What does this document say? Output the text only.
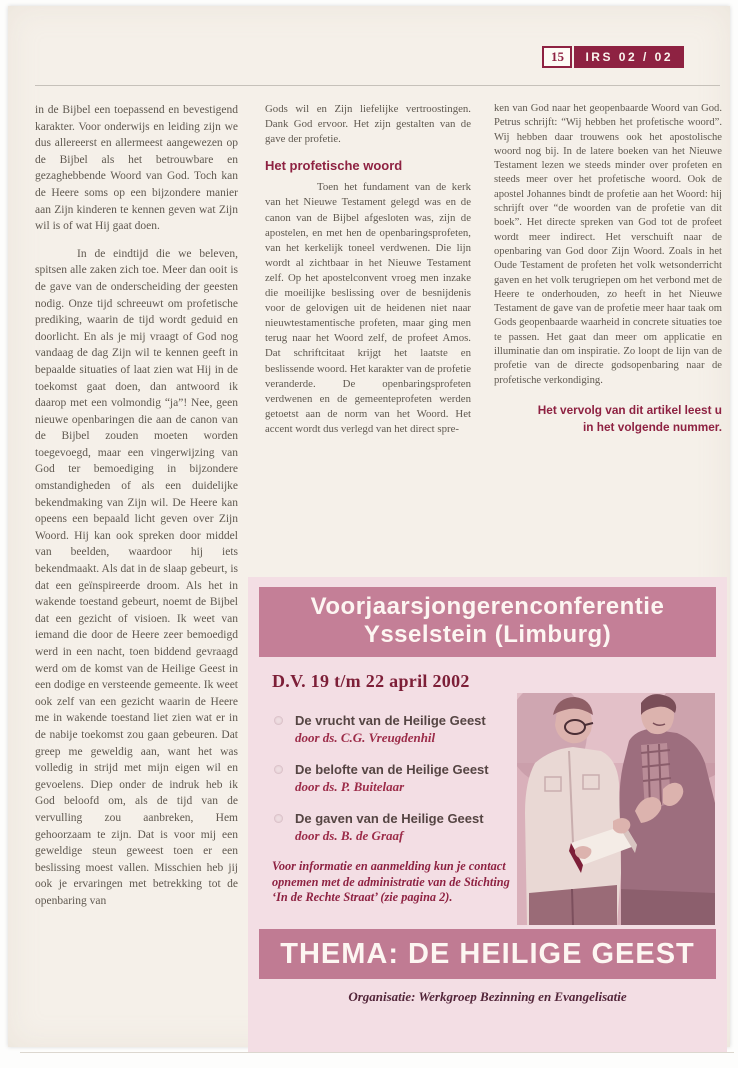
15	IRS 02 / 02

in de Bijbel een toepassend en bevestigend karakter. Voor onderwijs en leiding zijn we dus allereerst en allermeest aangewezen op de Bijbel als het betrouwbare en gezaghebbende Woord van God. Toch kan de Heere soms op een bijzondere manier aan Zijn kinderen te kennen geven wat Zijn wil is of wat Hij gaat doen.

In de eindtijd die we beleven, spitsen alle zaken zich toe. Meer dan ooit is de gave van de onderscheiding der geesten nodig. Onze tijd schreeuwt om profetische prediking, waarin de tijd wordt geduid en doorlicht. En als je mij vraagt of God nog vandaag de dag Zijn wil te kennen geeft in bepaalde situaties of laat zien wat Hij in de toekomst gaat doen, dan antwoord ik daarop met een volmondig “ja”! Nee, geen nieuwe openbaringen die aan de canon van de Bijbel zouden moeten worden toegevoegd, maar een vingerwijzing van God ter bemoediging in bijzondere omstandigheden of als een duidelijke bekendmaking van Zijn wil. De Heere kan opeens een bepaald licht geven over Zijn Woord. Hij kan ook spreken door middel van beelden, waardoor hij iets bekendmaakt. Als dat in de slaap gebeurt, is dat een geïnspireerde droom. Als het in wakende toestand gebeurt, noemt de Bijbel dat een gezicht of visioen. Ik weet van iemand die door de Heere zeer bemoedigd werd in een nacht, toen biddend gevraagd werd om de komst van de Heilige Geest in een dodige en versteende gemeente. Ik weet ook zelf van een gezicht waarin de Heere me in wakende toestand liet zien wat er in de nabije toekomst zou gaan gebeuren. Dat greep me geweldig aan, want het was volledig in strijd met mijn eigen wil en gevoelens. Diep onder de indruk heb ik God beloofd om, als de tijd van de vervulling zou aanbreken, Hem gehoorzaam te zijn. Dat is voor mij een geweldige steun geweest toen er een beslissing moest vallen. Misschien heb jij ook je ervaringen met betrekking tot de openbaring van

Gods wil en Zijn liefelijke vertroostingen. Dank God ervoor. Het zijn gestalten van de gave der profetie.

Het profetische woord

Toen het fundament van de kerk van het Nieuwe Testament gelegd was en de canon van de Bijbel afgesloten was, zijn de apostelen, en met hen de openbaringsprofeten, van het kerkelijk toneel verdwenen. Die lijn wordt al zichtbaar in het Nieuwe Testament zelf. Op het apostelconvent vroeg men inzake die moeilijke beslissing over de besnijdenis voor de gelovigen uit de heidenen niet naar nieuwtestamentische profeten, maar ging men terug naar het Woord zelf, de profeet Amos. Dat schriftcitaat krijgt het laatste en beslissende woord. Het karakter van de profetie veranderde. De openbaringsprofeten verdwenen en de gemeenteprofeten werden getoetst aan de norm van het Woord. Het accent wordt dus verlegd van het direct spre-

ken van God naar het geopenbaarde Woord van God. Petrus schrijft: “Wij hebben het profetische woord”. Wij hebben daar trouwens ook het apostolische woord nog bij. In de latere boeken van het Nieuwe Testament lezen we steeds minder over profeten en steeds meer over het profetische woord. Ook de apostel Johannes bindt de profetie aan het Woord: hij schrijft over “de woorden van de profetie van dit boek”. Het directe spreken van God tot de profeet wordt meer indirect. Het verschuift naar de openbaring van God door Zijn Woord. Zoals in het Oude Testament de profeten het volk wetsonderricht gaven en het volk terugriepen om het verbond met de Heere te onderhouden, zo heeft in het Nieuwe Testament de gave van de profetie meer haar taak om Gods geopenbaarde waarheid in concrete situaties toe te passen. Het gaat dan meer om applicatie en illuminatie dan om inspiratie. Zo loopt de lijn van de profetie van de directe godsopenbaring naar de profetische verkondiging.

Het vervolg van dit artikel leest u
in het volgende nummer.
Voorjaarsjongerenconferentie
Ysselstein (Limburg)
D.V. 19 t/m 22 april 2002
De vrucht van de Heilige Geest
door ds. C.G. Vreugdenhil
De belofte van de Heilige Geest
door ds. P. Buitelaar
De gaven van de Heilige Geest
door ds. B. de Graaf
Voor informatie en aanmelding kun je contact opnemen met de administratie van de Stichting ‘In de Rechte Straat’ (zie pagina 2).
THEMA: DE HEILIGE GEEST
Organisatie: Werkgroep Bezinning en Evangelisatie
